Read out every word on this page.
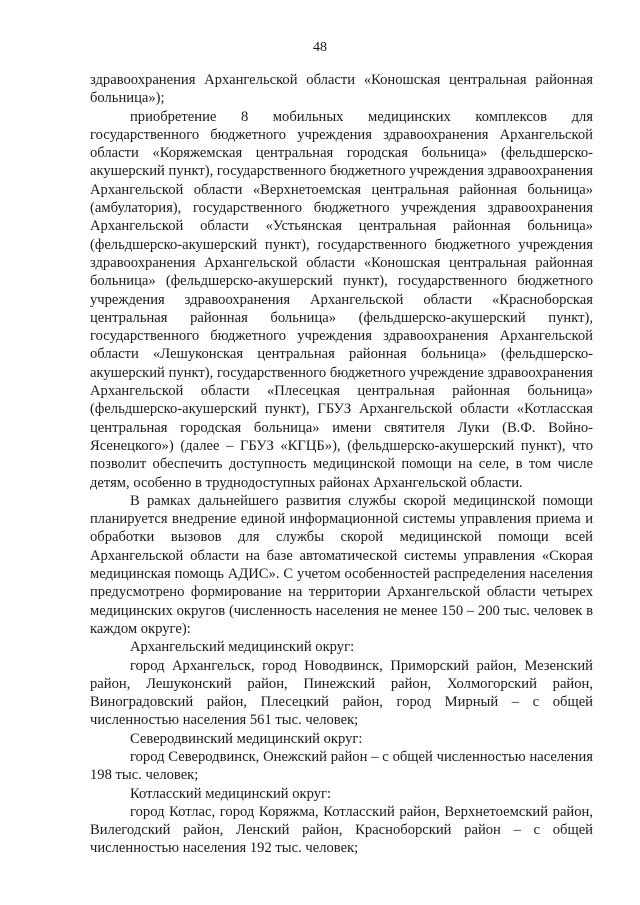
48

здравоохранения Архангельской области «Коношская центральная районная больница»);

приобретение 8 мобильных медицинских комплексов для государственного бюджетного учреждения здравоохранения Архангельской области «Коряжемская центральная городская больница» (фельдшерско-акушерский пункт), государственного бюджетного учреждения здравоохранения Архангельской области «Верхнетоемская центральная районная больница» (амбулатория), государственного бюджетного учреждения здравоохранения Архангельской области «Устьянская центральная районная больница» (фельдшерско-акушерский пункт), государственного бюджетного учреждения здравоохранения Архангельской области «Коношская центральная районная больница» (фельдшерско-акушерский пункт), государственного бюджетного учреждения здравоохранения Архангельской области «Красноборская центральная районная больница» (фельдшерско-акушерский пункт), государственного бюджетного учреждения здравоохранения Архангельской области «Лешуконская центральная районная больница» (фельдшерско-акушерский пункт), государственного бюджетного учреждение здравоохранения Архангельской области «Плесецкая центральная районная больница» (фельдшерско-акушерский пункт), ГБУЗ Архангельской области «Котласская центральная городская больница» имени святителя Луки (В.Ф. Войно-Ясенецкого») (далее – ГБУЗ «КГЦБ»), (фельдшерско-акушерский пункт), что позволит обеспечить доступность медицинской помощи на селе, в том числе детям, особенно в труднодоступных районах Архангельской области.

В рамках дальнейшего развития службы скорой медицинской помощи планируется внедрение единой информационной системы управления приема и обработки вызовов для службы скорой медицинской помощи всей Архангельской области на базе автоматической системы управления «Скорая медицинская помощь АДИС». С учетом особенностей распределения населения предусмотрено формирование на территории Архангельской области четырех медицинских округов (численность населения не менее 150 – 200 тыс. человек в каждом округе):

Архангельский медицинский округ:

город Архангельск, город Новодвинск, Приморский район, Мезенский район, Лешуконский район, Пинежский район, Холмогорский район, Виноградовский район, Плесецкий район, город Мирный – с общей численностью населения 561 тыс. человек;

Северодвинский медицинский округ:

город Северодвинск, Онежский район – с общей численностью населения 198 тыс. человек;

Котласский медицинский округ:

город Котлас, город Коряжма, Котласский район, Верхнетоемский район, Вилегодский район, Ленский район, Красноборский район – с общей численностью населения 192 тыс. человек;
